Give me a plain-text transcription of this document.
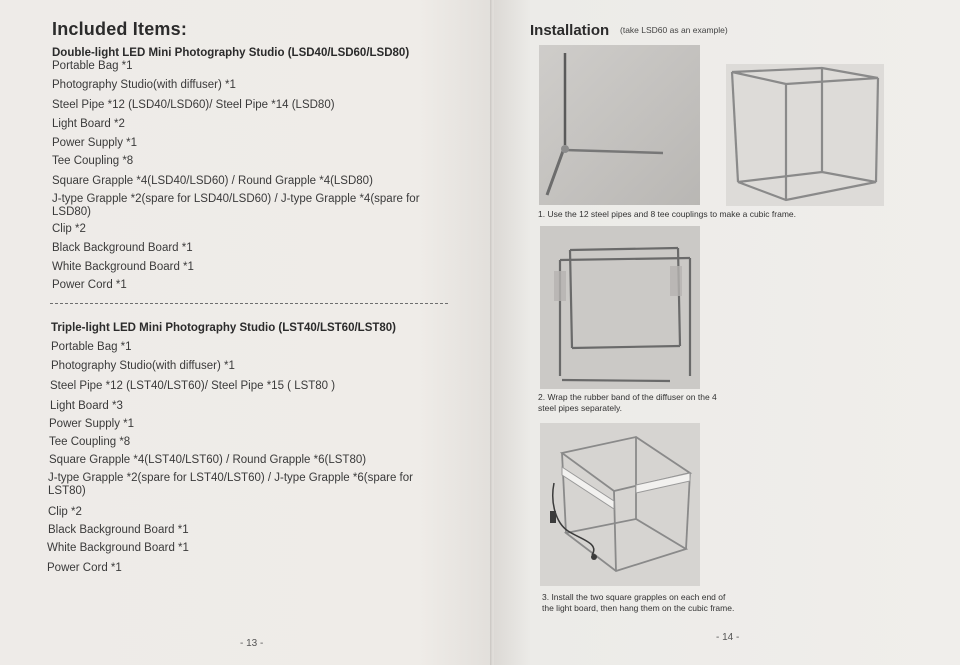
Included Items:
Double-light LED Mini Photography Studio (LSD40/LSD60/LSD80)
Portable Bag *1
Photography Studio(with diffuser) *1
Steel Pipe *12 (LSD40/LSD60)/ Steel Pipe *14 (LSD80)
Light Board *2
Power Supply *1
Tee Coupling *8
Square Grapple *4(LSD40/LSD60) / Round Grapple *4(LSD80)
J-type Grapple *2(spare for LSD40/LSD60) / J-type Grapple *4(spare for LSD80)
Clip *2
Black Background Board *1
White Background Board *1
Power Cord *1
Triple-light LED Mini Photography Studio (LST40/LST60/LST80)
Portable Bag *1
Photography Studio(with diffuser) *1
Steel Pipe *12 (LST40/LST60)/ Steel Pipe *15 ( LST80 )
Light Board *3
Power Supply *1
Tee Coupling *8
Square Grapple *4(LST40/LST60) / Round Grapple *6(LST80)
J-type Grapple *2(spare for LST40/LST60) / J-type Grapple *6(spare for LST80)
Clip *2
Black Background Board *1
White Background Board *1
Power Cord *1
- 13 -
Installation (take LSD60 as an example)
1. Use the 12 steel pipes and 8 tee couplings to make a cubic frame.
2. Wrap the rubber band of the diffuser on the 4 steel pipes separately.
3. Install the two square grapples on each end of the light board, then hang them on the cubic frame.
- 14 -
